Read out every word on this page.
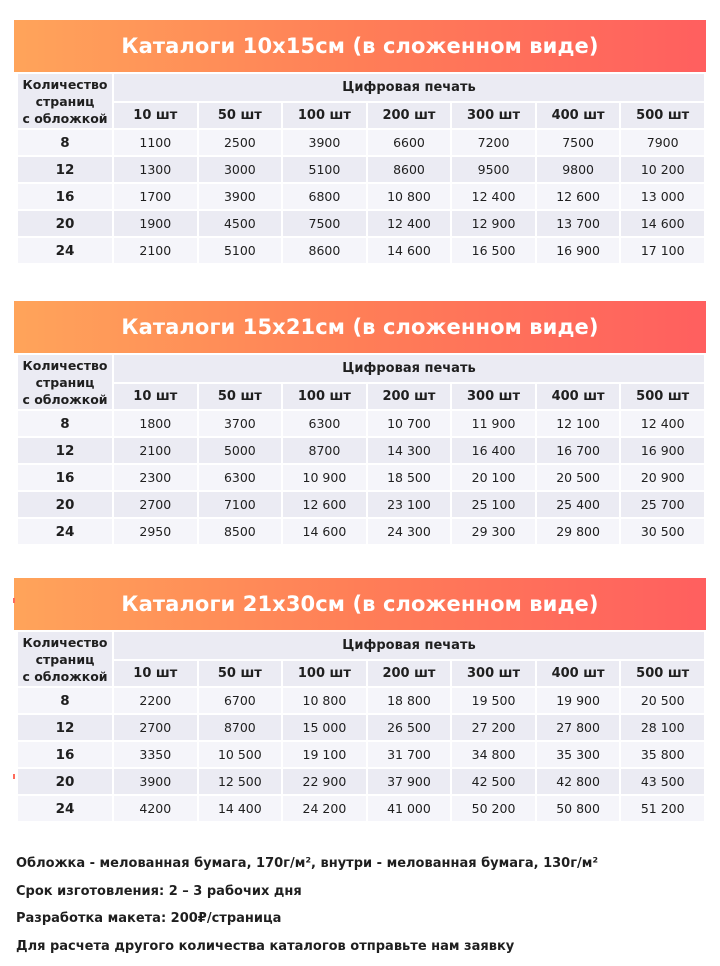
Каталоги 10х15см (в сложенном виде)
Количество
страниц
с обложкой	Цифровая печать						
	10 шт	50 шт	100 шт	200 шт	300 шт	400 шт	500 шт
8	1100	2500	3900	6600	7200	7500	7900
12	1300	3000	5100	8600	9500	9800	10 200
16	1700	3900	6800	10 800	12 400	12 600	13 000
20	1900	4500	7500	12 400	12 900	13 700	14 600
24	2100	5100	8600	14 600	16 500	16 900	17 100
Каталоги 15х21см (в сложенном виде)
Количество
страниц
с обложкой	Цифровая печать						
	10 шт	50 шт	100 шт	200 шт	300 шт	400 шт	500 шт
8	1800	3700	6300	10 700	11 900	12 100	12 400
12	2100	5000	8700	14 300	16 400	16 700	16 900
16	2300	6300	10 900	18 500	20 100	20 500	20 900
20	2700	7100	12 600	23 100	25 100	25 400	25 700
24	2950	8500	14 600	24 300	29 300	29 800	30 500
Каталоги 21х30см (в сложенном виде)
Количество
страниц
с обложкой	Цифровая печать						
	10 шт	50 шт	100 шт	200 шт	300 шт	400 шт	500 шт
8	2200	6700	10 800	18 800	19 500	19 900	20 500
12	2700	8700	15 000	26 500	27 200	27 800	28 100
16	3350	10 500	19 100	31 700	34 800	35 300	35 800
20	3900	12 500	22 900	37 900	42 500	42 800	43 500
24	4200	14 400	24 200	41 000	50 200	50 800	51 200
Обложка - мелованная бумага, 170г/м², внутри - мелованная бумага, 130г/м²
Срок изготовления: 2 – 3 рабочих дня
Разработка макета: 200₽/страница
Для расчета другого количества каталогов отправьте нам заявку
